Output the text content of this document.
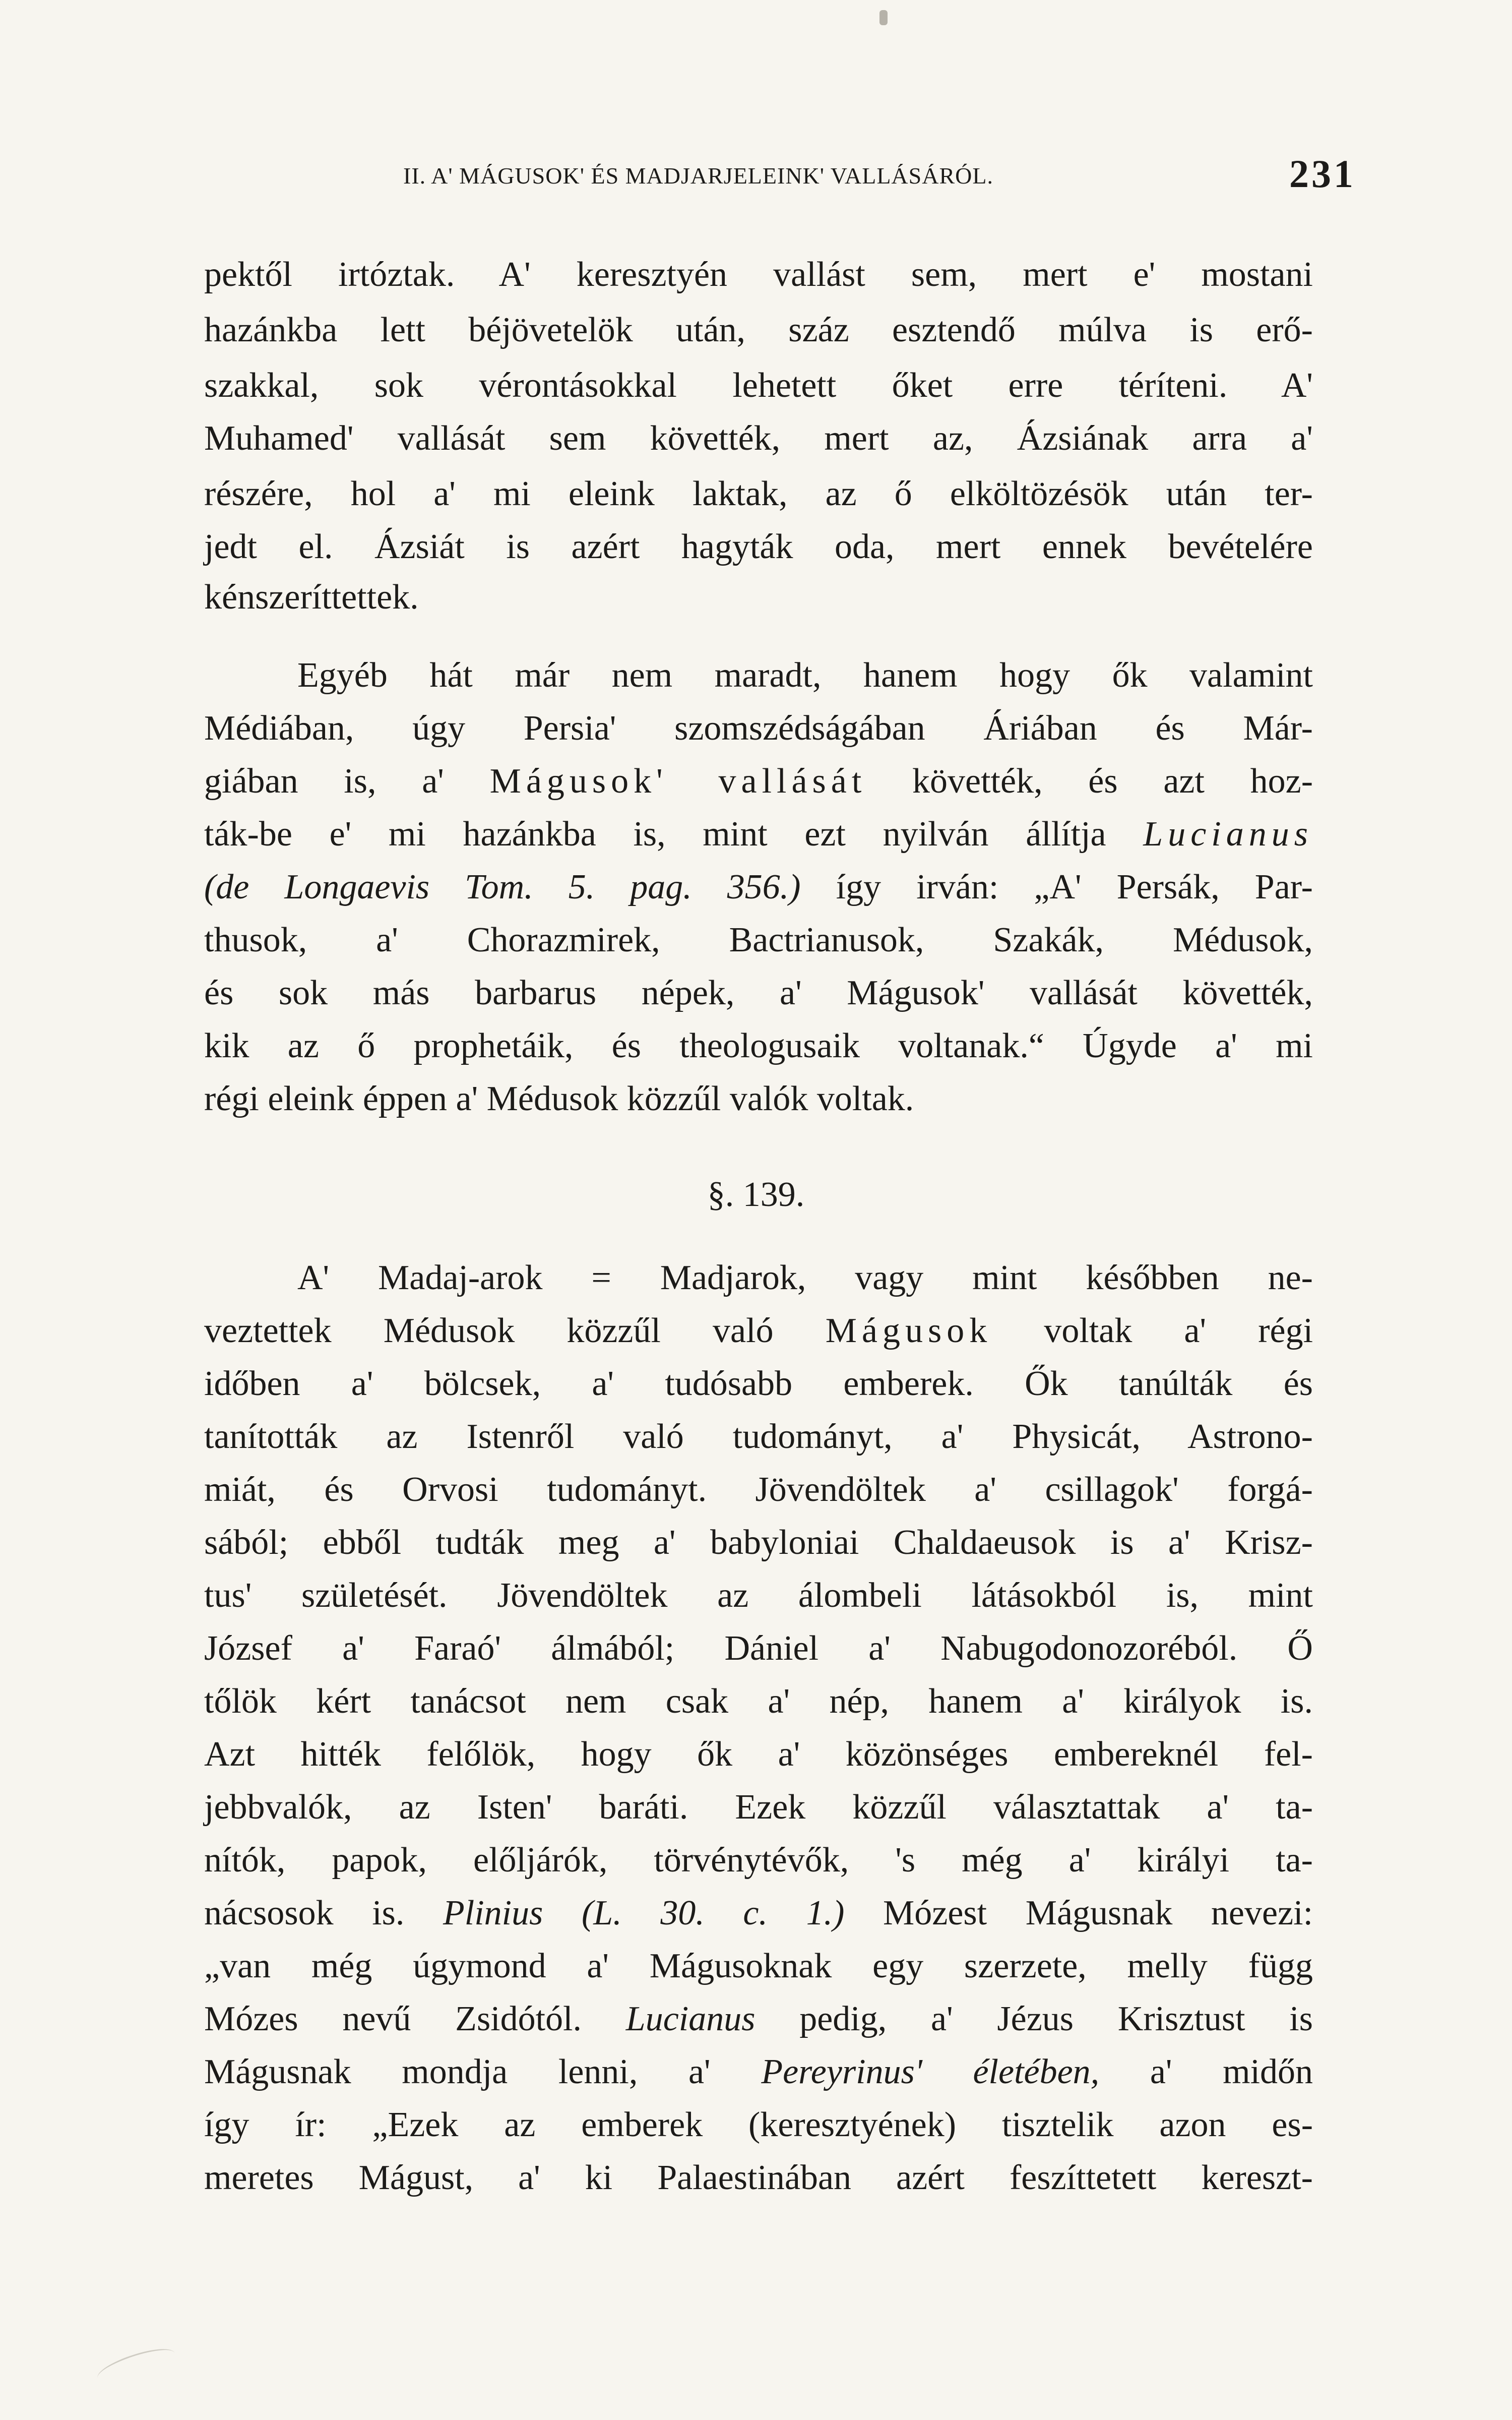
II. A' MÁGUSOK' ÉS MADJARJELEINK' VALLÁSÁRÓL.	231
pektől irtóztak. A' keresztyén vallást sem, mert e' mostani
hazánkba lett béjövetelök után, száz esztendő múlva is erő-
szakkal, sok vérontásokkal lehetett őket erre téríteni. A'
Muhamed' vallását sem követték, mert az, Ázsiának arra a'
részére, hol a' mi eleink laktak, az ő elköltözésök után ter-
jedt el. Ázsiát is azért hagyták oda, mert ennek bevételére
kénszeríttettek.
Egyéb hát már nem maradt, hanem hogy ők valamint
Médiában, úgy Persia' szomszédságában Áriában és Már-
giában is, a' Mágusok' vallását követték, és azt hoz-
ták-be e' mi hazánkba is, mint ezt nyilván állítja Lucianus
(de Longaevis Tom. 5. pag. 356.) így irván: „A' Persák, Par-
thusok, a' Chorazmirek, Bactrianusok, Szakák, Médusok,
és sok más barbarus népek, a' Mágusok' vallását követték,
kik az ő prophetáik, és theologusaik voltanak.“ Úgyde a' mi
régi eleink éppen a' Médusok közzűl valók voltak.
§. 139.
A' Madaj-arok = Madjarok, vagy mint későbben ne-
veztettek Médusok közzűl való Mágusok voltak a' régi
időben a' bölcsek, a' tudósabb emberek. Ők tanúlták és
tanították az Istenről való tudományt, a' Physicát, Astrono-
miát, és Orvosi tudományt. Jövendöltek a' csillagok' forgá-
sából; ebből tudták meg a' babyloniai Chaldaeusok is a' Krisz-
tus' születését. Jövendöltek az álombeli látásokból is, mint
József a' Faraó' álmából; Dániel a' Nabugodonozoréból. Ő
tőlök kért tanácsot nem csak a' nép, hanem a' királyok is.
Azt hitték felőlök, hogy ők a' közönséges embereknél fel-
jebbvalók, az Isten' baráti. Ezek közzűl választattak a' ta-
nítók, papok, előljárók, törvénytévők, 's még a' királyi ta-
nácsosok is. Plinius (L. 30. c. 1.) Mózest Mágusnak nevezi:
„van még úgymond a' Mágusoknak egy szerzete, melly függ
Mózes nevű Zsidótól. Lucianus pedig, a' Jézus Krisztust is
Mágusnak mondja lenni, a' Pereyrinus' életében, a' midőn
így ír: „Ezek az emberek (keresztyének) tisztelik azon es-
meretes Mágust, a' ki Palaestinában azért feszíttetett kereszt-
